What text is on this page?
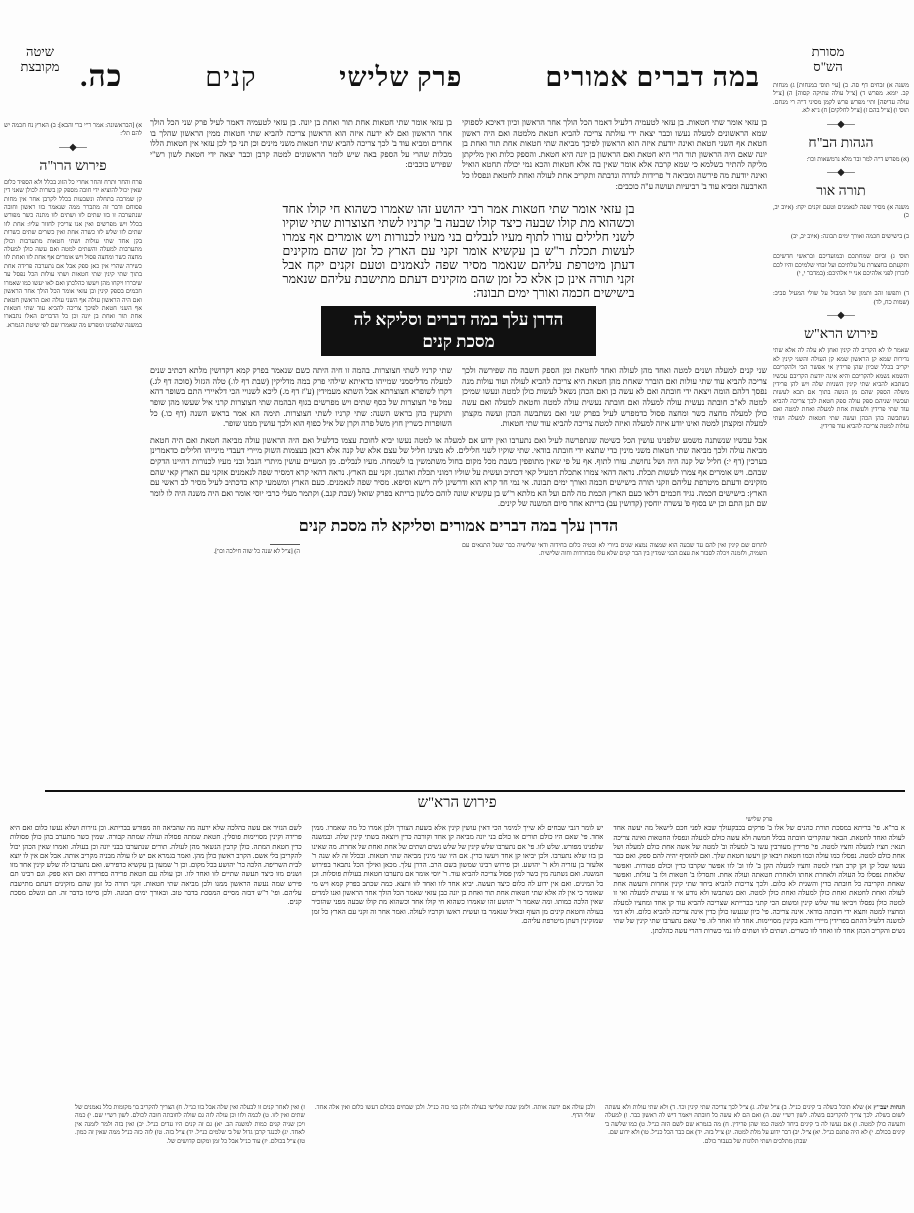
מסורת
הש"ס
במה דברים אמורים
פרק שלישי
קנים
כה.
שיטה
מקובצת
משנה א) זבחים דף סה. ב) [עי' תוס' במנחות] ג) מנחות קב. יומא. מפרש ד) [צ"ל עולה עתיקה קסוה] ה) [צ"ל עולה עדיפה] ותי' מפרש פרש לקמן מסיני ד"ה רי מנחם. תוס' ו) [צ"ל בהם ז) [צ"ל לחלקים] ח) נ"א לא.
―◆―
הגהות הב"ח
(א) מפרש ד"ה למר ובר מלא נרמשאות וכו':
―◆―
תורה אור
משנה א) מסיר שפה לנאמנים וטעם זקנים יקח: (איוב יב, כ)
ב) בישישים חכמה ואורך ימים תבונה: (איוב יב, יב)
תוס' ג) וביום שמחתכם ובמועדיכם ובראשי חדשיכם ותקעתם בחצצרת על עלתיכם ועל זבחי שלמיכם והיו לכם לזכרון לפני אלהיכם אני יי אלהיכם: (במדבר י, י)
ד) ותפשו זהב ותמון של המבול על שולי המעיל סביב: (שמות כח, לד)
―◆―
פירוש הרא"ש
שאמר לו לא הקריב לה קינין ואחן לא עלה לה אלא שתי נדירות שמא קן הראשון שמא קן העולה והשני קינין לא יקריב בכלל שכיון שהן פרידין אי אפשר הבי ולהקריבם והשמא נשמא להקריבם והיא אינה יודעת הקריבם עכשיו כשתבא להביא שתי קינין השניות שלה ויש להן פרידין משלה הספק שהם מן הנשה בתוך אם תבא לעשות ועכשיו שניהם ספק עולה ספק חטאת לכך צריכה להביא עוד שתי פרידין ולעשות אחת למעלה ואחת למטה ואם נשתבשה בהן הכהן ועשה שתי חטאות למעלה ושתי עולות למטה צריכה להביא עוד פרידין.
א) [הבראשונה: אמר ר"י בר' והבא]: ב) הארץ נח חכמה יש להם תל':
―◆―
פירוש הרו"ה
פרח והחר ותרח והחר אחרי כל הזוג בכלל ולא הספיד כלום שאין יכול להוציא ידי חובה מספק קן בשרות לכולן שאני דין קן שמרבה בתחלה ונשבעות בכלל לקרבן אחר אין מחות פסוחם ודבר זה מתברר ממה שנאמר בזו ראשון וחובה שנתערבה זו בזו שתים לזו ושתים לזו מתנה כשר מפורש בכלל ויש מפרשים ואין אנו צריכין לחזור עליו: אחת לזו שתים לזו שלש לזו כשרה אחת ואין כשרים שתים כשרות בקן אחד שתי עולות ושתי חטאות מתערבות וכולן מתערבות למעלה והשתים למטה ואם עשה כולן למעלה מחצה כשר ומחצה פסול ויש אומרים אף אחת לזו ואחת לזו כשירה שהרי אין כאן ספק אבל אם נתערבה פרידה אחת בתוך שתי קינין שתי חטאות ושתי עולות הכל נפסל עד שיבררו ויקחו מהן ויעשו כהלכתן ואם לאו יעשו כמו שאמרו חכמים בספק קינין ובן עזאי אומר הכל הולך אחר הראשון ואם היה הראשון עולה אף השני עולה ואם הראשון חטאת אף השני חטאת לפיכך צריכה להביא עוד שתי חטאות אחת תור ואחת בן יונה וכן כל הדברים האלו נתבארו במשנה שלפנינו ומפרש מה שאמרו שם לפי שיטת הגמרא.
בן עזאי אומר שתי חטאות. בן עזאי לטעמיה דלעיל דאמר הכל הולך אחר הראשון וכיון דאיכא לספוקי שמא הראשונים למעלה נעשו וכבר יצאה ידי עולתה צריכה להביא חטאת מלמטה ואם היה ראשון חטאת אף השני חטאת ואינה יודעת איזה הוא הראשון לפיכך מביאה שתי חטאות אחת תור ואחת בן יונה שאם היה הראשון תור הרי היא חטאת ואם הראשון בן יונה היא חטאת. והספק כלות ואין מליקתן מליקה להתיר בשלמא כי שמא קרבה אלא אומר שאין בה אלא חטאות והכא נמי יכולה תחטא הואיל ואינה יודעת מה פירשה ומביאה ד' פרידות לנדרה ונדבתה ותקריב אחת לעולה ואחת לחטאת ונפסלו כל הארבעה ומביא עוד ב' רביעיות ועושה ע"ה כוכבים:
בן עזאי אומר שתי חטאות אחת תור ואחת בן יונה. בן עזאי לטעמיה דאמר לעיל פרק שני הכל הולך אחר הראשון ואם לא ידעה איזה הוא הראשון צריכה להביא שתי חטאות ממין הראשון שהלך בו אחרים ומביא עוד ב' לכך צריכה להביא שתי חטאות משני מינים וכן תני כך לכן עזאי אין חטאות הללו מכלות שהרי על הספק באה שיש לומר הראשונים למטה קרבן וכבר יצאה ידי חטאת לשון רש"י שפירש כוכבים:
בן עזאי אומר שתי חטאות אמר רבי יהושע זהו שאמרו כשהוא חי קולו אחד וכשהוא מת קולו שבעה כיצד קולו שבעה ב' קרניו לשתי חצוצרות שתי שוקיו לשני חלילים עורו לתוף מעיו לנבלים בני מעיו לכנורות ויש אומרים אף צמרו לעשות תכלת ר"ש בן עקשיא אומר זקני עם הארץ כל זמן שהם מזקינים דעתן מיטרפת עליהם שנאמר מסיר שפה לנאמנים וטעם זקנים יקח אבל זקני תורה אינן כן אלא כל זמן שהם מזקינים דעתם מתישבת עליהם שנאמר בישישים חכמה ואורך ימים תבונה:
הדרן עלך במה דברים וסליקא לה
מסכת קנים
שני קנים למעלה ושנים למטה ואחד מהן לעולה ואחד לחטאת ומן הספק חשבה מה שפירשה ולכך צריכה להביא עוד שתי עולות ואם הוברר שאחת מהן חטאת היא צריכה להביא לעולה ועוד עולות מנה נפסך דלהם הומה ויצאה ידי חובתה ואם לא עשה כן ואם הכהן נשאל לעשות כולן למטה ונעשו שמיכן למטה לא"כ חובתה נעשית עולה למעלה ואם חובתה נעשית עולה למטה וחטאת למעלה ואם עשה כולן למעלה מחצה כשר ומחצה פסול כדמפרש לעיל בפרק שני ואם נשתבשה הכהן ועשה מקצתן למעלה ומקצתן למטה ואינו יודע איזה למעלה ואיזה למטה צריכה להביא עוד שתי חטאות.
שתי קרניו לשתי חצוצרות. בהמה זו חיה היתה כשם שנאמר בפרק קמא דקדושין מלתא דכתיב שנים למעלה מדליסמני שמייהו כדאיתא שילהי פרק במה מדליקין (שבת דף לו.) טלה הגזול (סוכה דף לג.) דקרו לשופרא חצוצרתא אבל השתא מעמידין (ע"ז דף מ.) ליכא לשנויי הכי דלאיירי התם בשופר דהא עמל פי' חצוצרות של כסף שתים ויש מפרשים בגוף הבהמה שתי חצוצרות קרני איל שעשו מהן שופר ותוקעין בהן בראש השנה: שתי קרניו לשתי חצוצרות. תימה הא אמר בראש השנה (דף כו.) כל השופרות כשרין חוץ משל פרה וקרן של איל כפוף הוא ולכך עושין ממנו שופר.
אבל עכשיו שנשתנה משמע שלפנינו עושין הכל כשיטה שנתפרשה לעיל ואם נתערבו ואין ידוע אם למעלה או למטה נעשו יביא לחובת עצמו כדלעיל ואם היה הראשון עולה מביאה חטאת ואם היה חטאת מביאה עולה ולכך מביאה שתי חטאות משני מינין כדי שתצא ידי חובתה בודאי. שתי שוקיו לשני חלילים. לא מצינו חליל של עצם אלא של קנה אלא דכאן בעצמות השוק מיירי דעבדי מינייהו חלילים כדאמרינן בערכין (דף י:) חליל של קנה היה ושל נחושת. עורו לתוף. אף על פי שאין מתופפין בשבת מכל מקום בחול משתמשין בו לשמחה. מעיו לנבלים. מן המעיים עושין מיתרי הנבל ובני מעיו לכנורות דהיינו הדקים שבהם. ויש אומרים אף צמרו לעשות תכלת. נראה דהאי צמרו אתכלת דמעיל קאי דכתיב ועשית על שוליו רמוני תכלת וארגמן. זקני עם הארץ. נראה דהאי קרא דמסיר שפה לנאמנים אזקני עם הארץ קאי שהם מזקינים ודעתם מיטרפת עליהם וזקני תורה בישישים חכמה ואורך ימים תבונה. אי נמי חד קרא הוא ודרשינן ליה רישא וסיפא. מסיר שפה לנאמנים. כעם הארץ ומשמעי קרא כדכתיב לעיל מסיר לב ראשי עם הארץ: בישישים חכמה. נגיד חכמים דלאו כעם הארץ הכמת מה להם ועל הא מלתא ר"ש בן עקשיא שונה לוהם כלשון בריתא בפרק שואל (שבת קנב.) וקתמר מעלי כרבי יוסי אומר ואם היה משנה היה לו לומר שם תנן התם וכן יש בסוף פ' עשרה יוחסין (קדושין עב) בריתא אחר סיום המשנה של קינים.
הדרן עלך במה דברים אמורים וסליקא לה מסכת קנים
לתרום שם קינין ואין להם עד שבעה הוא שמצוה נמצא שנים ביורי לא ובטיה כלום בחידוה ודאי שלישיה כבר שעל התנאים עם השמיה, ולזמנה ויכלה לסבור את עצם הבני שמדין בין הבר קנים שלא עלו מבחרדות וחוה שלישית.
ה) [צ"ל לא שנה כל שזה חילכה וכו'].
פירוש הרא"ש
פרק שלישי
א בר"א. פי' בריתא במסכת תורת כהנים של אלו ב' פרקים בכבקעולך שבא לפני חכם לישאל מה יעשה אחד לעולה ואחד לחטאת. הבאר שהקריבו חובתה בכלל חמשה ולא עשה כולם למעלה ונפסלו החטאות ואינה צריכה תנאי: חציו למעלה וחציו למטה. פי' פרידין מעורבין עשו ב' למעלה וב' למטה של אשה אחת כולם למעלה ושל אחת כולם למטה. נפסלו כמו עולה וכמו חטאת ויבאו קן ויעשו חטאת שלך. ואם להוסיף יהיה להם ספק. ואם כבר נעשו שבל קן וקן קרב חציו למטה וחציו למעלה הקן ב' לזו וב' לזו אפשר שקרבו כדין וכולם פטורות. ואפשר שלאחת נפסלו כל העולה ולאחרת אחתו ולאחרת חטאתה ועולה אחת. ותסרלו ב' חטאות ולו ב' עולות. ואפשר שאחת הקריבה כל חובתה כדין והשנית לא כלום. ולכך צריכות להביא ביחד שתי קינין אחרות ותעשה אחת לעולה ואחת לחטאת ואחת כולן למעלה ואחת כולן למטה. ואם נשתבשו ולא נודע אי זו נעשית למעלה ואי זו למטה כולן נפסלו ויביאו עוד שלש קינין ומשום הכי קתני בברייתא שצריכה להביא עוד קן אחד ומחציו למעלה ומחציו למטה ותצא ידי חובתה בודאי. אינה צריכה. פי' כיון שנעשו כולן כדין אינה צריכה להביא כלום. ולא דמי למשנה דלעיל דהתם בפרידין מיירי והכא בקינין מסויימות. אחד לזו ואחד לזו. פי' שאם נתערבו שתי קינין של שתי נשים והקריב הכהן אחד לזו ואחד לזו כשרים. ושתים לזו ושתים לזו נמי כשרות דהרי עשה כהלכתן.
יש לומר דגבי שבחים לא שייך למימר הכי דאין עושין קינין אלא בשעת הצורך ולכן אמרו כל מה שאמרו. ממין אחד. פי' שאם היו כולם תורים או כולם בני יונה מביאה קן אחד וקורבה כדין ויוצאה בשתי קינין שלה. ובמשנה שלפנינו מפורש. שלש לזו. פי' אם נתערבו שלש קינין של שלש נשים ושתים של אחת ואחת של אחרת. מה שאינו כן בזו שלא נתערבו. ולכן יביאו קן אחד ויעשו כדין. אם היו שני מינין מביאה שתי חטאות. ובכלל זה לא שנה ר' אלעזר בן עזריה ולא ר' יהושע. וכן פירוש רבינו שמשון בשם הרב. הדרן עלך. מכאן ואילך הכל נתבאר בפירוש המשנה. ואם נשתנה מין כשר למין פסול צריכה להביא עוד. ר' יוסי אומר אם נתערבו חטאות בעולות פוסלות. וכן כל המינים. ואם אין ידוע לה כלום כיצד תעשה. יביא אחד לזו ואחד לזו ותצא. כמה שכתב בפרק קמא ויש מי שאומר כי אין לה אלא שתי חטאות אחת תור ואחת בן יונה כבן עזאי שאמר הכל הולך אחר הראשון ואנו למדים שאין הלכה כמותו. ומה שאמר ר' יהושע זהו שאמרו כשהוא חי קולו אחד וכשהוא מת קולו שבעה מפני שהזכיר בעולה וחטאת קינים מן העוף ובאיל שנאמר בו ועשית ראשו וקרביו לעולה. ואמר אחר זה זקני עם הארץ כל זמן שמזקינין דעתן מיטרפת עליהם.
לשם הנזיר אם עשה כהלכה שלא ידעה מה שהביאה וזה מפורש בבריתא. וכן נזירות ושלא נעשו כלום ואם היא פרידה וקינין מסויימות פוסלין. חטאת שמתה פסולה ועולה שמתה קבורה. שמין כשר מתערב בהן כולן פסולות כדין חטאת המתה. כולן קרבין הנשאר מהן לעולה. תורים שנתערבו בבני יונה וכן בעולה. ואמרו שאין הכהן יכול להקריבן בלי אשם. הקרב ראשון כולן מהן. ואמר בגמרא אם יש לו עולה מבניה מקריב אותה. אבל אם אין לו יוצא לבית השריפה. הלכה כר' יהושע בכל מקום. וכן ר' שמעון בן עקשיא כדפירש. ואם נתערבו לה שלש קינין אחד מזו ושנים מזו כיצד תעשה שתיים לזו ואחד לזו. וכן עולה עם חטאת פרידה בפרידה ואם הוא ספק. וגם רבינו תם פירש שמה נעשה הראשון ממנו ולכן מביאה שתי חטאות. זקני תורה כל זמן שהם מזקינים דעתם מתישבת עליהם. ופי' ר"ש דבזה מסיים המסכת בדבר טוב. ובאורך ימים תבונה. ולכן סיימו בדבר זה. תם ונשלם מסכת קנים.
הגהות יעב"ץ א) שלא תוכל בשלה ב' קינים כנ"ל. ב) צ"ל שלה. ג) צ"ל לכך צריכה שתי קינין וכו'. ד) ולא שתי עולות ולא עשתה לשום בשלה. לכך צריך להקריבם בשלה. לשון רש"י שם. ה) ואם הם לא עשה כל חובתה ויאמר דיש לה ראשון כבר. ו) למעלה ותעשה כולן למטה. ז) אם נעשו לה ב' קינים ביחד למטה כמו שהן פרידין. ח) מה בגמרא שם לשם הזה כנ"ל. ט) כמו שלשה ב' קינים בכולם. י) לא היה פתגם כנ"ל. יא) צ"ל. יב) דבר ידוע על מלת למטה. יג) צ"ל בזה. יד) אם כבר הכל כנ"ל. טו) ולא ידוע שם.
שבתן מתלכים ושתי תלונות של בעבור כולם.
ולכן עולה אם ידעה אותה. ולזמן שבת שלישי בעולה ולהן בני כזה כנ"ל. ולכן שבחים בכולם דעשו כלום ואין אלה אחד. שולי הדף.
ז) ואין לאחר קנים זו לבעלה ואין שלה אבל בזו כנ"ל. ח) הצריך להקריב בו' מקומות כלל נאמנים של שתים ואין לזו. ט) לכמה ולזו וכן עולה לזה גם שולה לחובתה חובה לכולם. לשון רש"י שם. י) כמה ויכן שניה קנים כמות למשנה הב. יא) גם זה קנים היו עדים כנ"ל. יב) ואין בזה ולמר לזמנה אין לאחד. יג) לכנגד קרבן גדול של ב' שלמים כנ"ל. יד) צ"ל בזה. טו) לזה כזה כנ"ל ממה שאין זה כמון. טז) צ"ל בכולם. יז) עוד כנ"ל אבל כל זמן ומקום קדושים של.
